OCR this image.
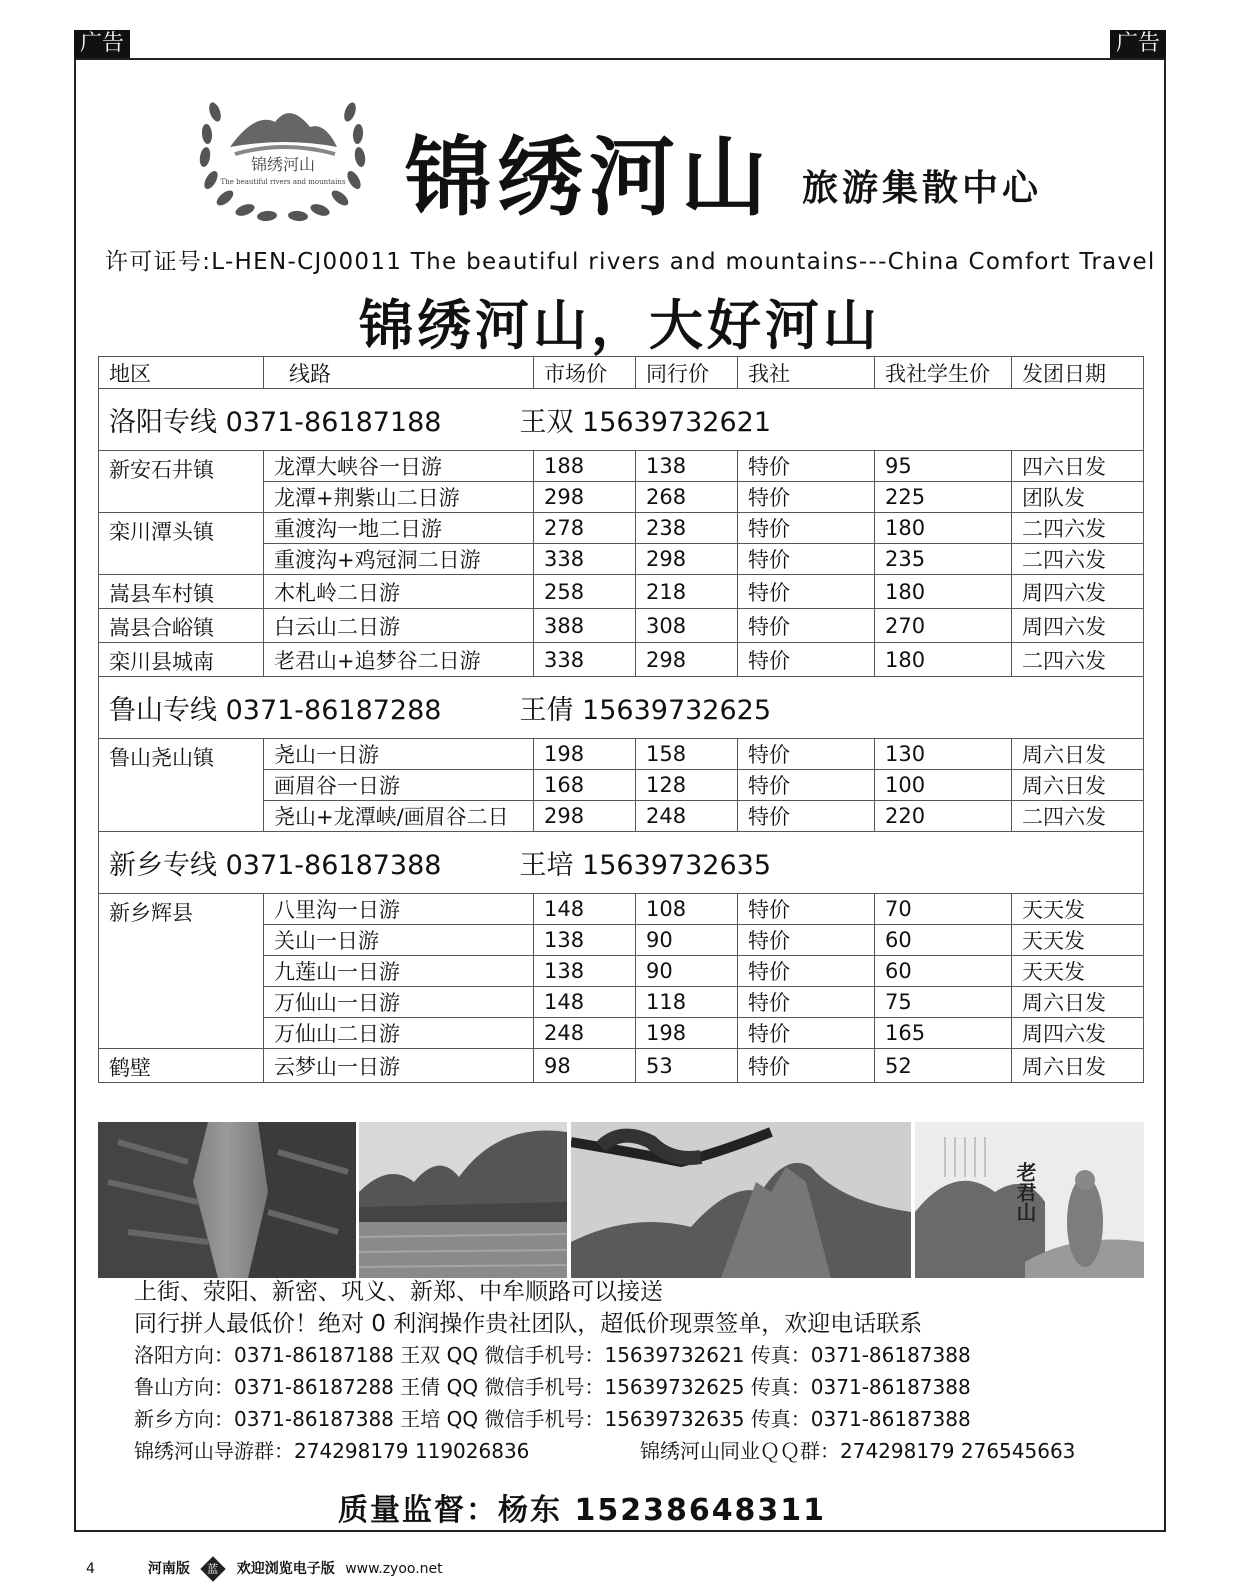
广告	广告
锦绣河山
The beautiful rivers and mountains 锦绣河山 旅游集散中心
许可证号:L-HEN-CJ00011 The beautiful rivers and mountains---China Comfort Travel
锦绣河山，大好河山
地区	线路	市场价	同行价	我社	我社学生价	发团日期
洛阳专线 0371-86187188 王双 15639732621						
新安石井镇	龙潭大峡谷一日游	188	138	特价	95	四六日发
	龙潭+荆紫山二日游	298	268	特价	225	团队发
栾川潭头镇	重渡沟一地二日游	278	238	特价	180	二四六发
	重渡沟+鸡冠洞二日游	338	298	特价	235	二四六发
嵩县车村镇	木札岭二日游	258	218	特价	180	周四六发
嵩县合峪镇	白云山二日游	388	308	特价	270	周四六发
栾川县城南	老君山+追梦谷二日游	338	298	特价	180	二四六发
鲁山专线 0371-86187288 王倩 15639732625						
鲁山尧山镇	尧山一日游	198	158	特价	130	周六日发
	画眉谷一日游	168	128	特价	100	周六日发
	尧山+龙潭峡/画眉谷二日	298	248	特价	220	二四六发
新乡专线 0371-86187388 王培 15639732635						
新乡辉县	八里沟一日游	148	108	特价	70	天天发
	关山一日游	138	90	特价	60	天天发
	九莲山一日游	138	90	特价	60	天天发
	万仙山一日游	148	118	特价	75	周六日发
	万仙山二日游	248	198	特价	165	周四六发
鹤壁	云梦山一日游	98	53	特价	52	周六日发
老君山
上街、荥阳、新密、巩义、新郑、中牟顺路可以接送
同行拼人最低价！绝对 0 利润操作贵社团队，超低价现票签单，欢迎电话联系
洛阳方向：0371-86187188 王双 QQ 微信手机号：15639732621 传真：0371-86187388
鲁山方向：0371-86187288 王倩 QQ 微信手机号：15639732625 传真：0371-86187388
新乡方向：0371-86187388 王培 QQ 微信手机号：15639732635 传真：0371-86187388
锦绣河山导游群：274298179 119026836	锦绣河山同业ＱＱ群：274298179 276545663
质量监督：杨东 15238648311
4	河南版 蓝 欢迎浏览电子版 www.zyoo.net
